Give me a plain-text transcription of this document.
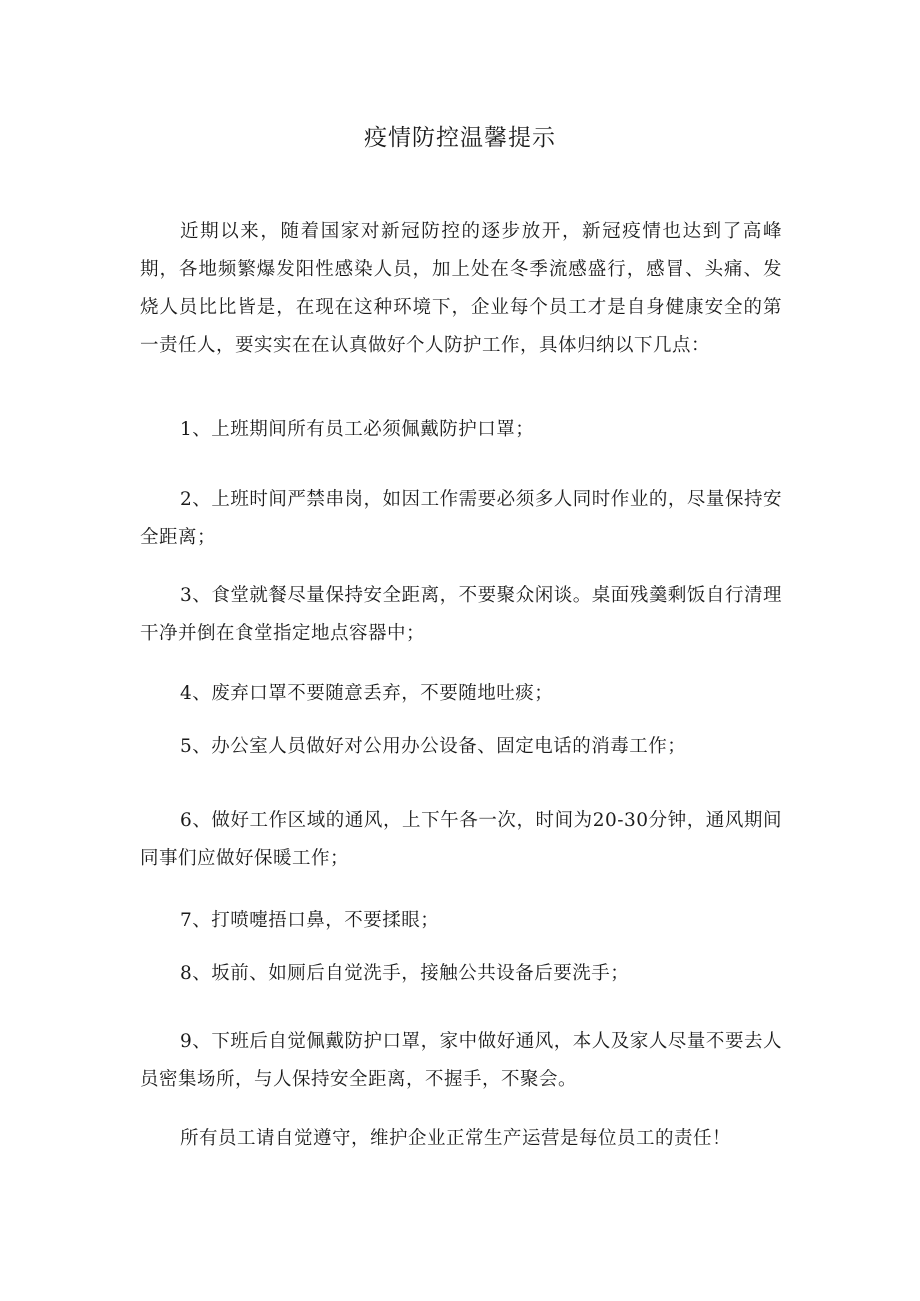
疫情防控温馨提示

近期以来，随着国家对新冠防控的逐步放开，新冠疫情也达到了高峰期，各地频繁爆发阳性感染人员，加上处在冬季流感盛行，感冒、头痛、发烧人员比比皆是，在现在这种环境下，企业每个员工才是自身健康安全的第一责任人，要实实在在认真做好个人防护工作，具体归纳以下几点：

1、上班期间所有员工必须佩戴防护口罩；

2、上班时间严禁串岗，如因工作需要必须多人同时作业的，尽量保持安全距离；

3、食堂就餐尽量保持安全距离，不要聚众闲谈。桌面残羹剩饭自行清理干净并倒在食堂指定地点容器中；

4、废弃口罩不要随意丢弃，不要随地吐痰；

5、办公室人员做好对公用办公设备、固定电话的消毒工作；

6、做好工作区域的通风，上下午各一次，时间为20-30分钟，通风期间同事们应做好保暖工作；

7、打喷嚏捂口鼻，不要揉眼；

8、坂前、如厕后自觉洗手，接触公共设备后要洗手；

9、下班后自觉佩戴防护口罩，家中做好通风，本人及家人尽量不要去人员密集场所，与人保持安全距离，不握手，不聚会。

所有员工请自觉遵守，维护企业正常生产运营是每位员工的责任！
